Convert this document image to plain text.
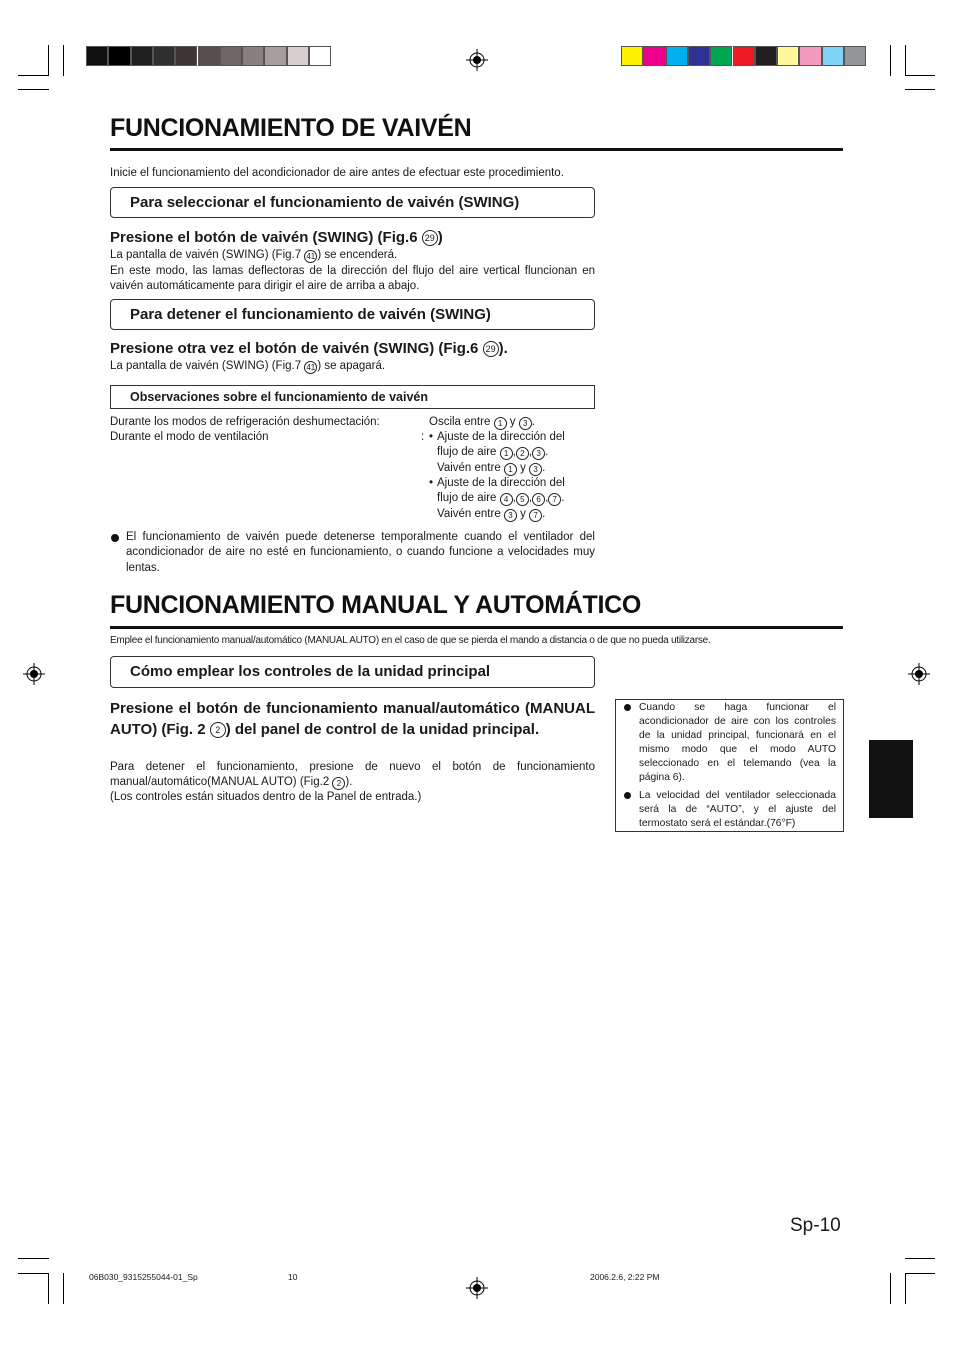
FUNCIONAMIENTO DE VAIVÉN
Inicie el funcionamiento del acondicionador de aire antes de efectuar este procedimiento.
Para seleccionar el funcionamiento de vaivén (SWING)
Presione el botón de vaivén (SWING) (Fig.6 29 )
La pantalla de vaivén (SWING) (Fig.7 41 ) se encenderá.
En este modo, las lamas deflectoras de la dirección del flujo del aire vertical fluncionan en vaivén automáticamente para dirigir el aire de arriba a abajo.
Para detener el funcionamiento de vaivén (SWING)
Presione otra vez el botón de vaivén (SWING) (Fig.6 29 ).
La pantalla de vaivén (SWING) (Fig.7 41 ) se apagará.
Observaciones sobre el funcionamiento de vaivén
Durante los modos de refrigeración deshumectación:	Oscila entre 1 y 3 .
Durante el modo de ventilación	: • Ajuste de la dirección del
flujo de aire 1 , 2 , 3 .
Vaivén entre 1 y 3 .
• Ajuste de la dirección del
flujo de aire 4 , 5 , 6 , 7 .
Vaivén entre 3 y 7 .
El funcionamiento de vaivén puede detenerse temporalmente cuando el ventilador del acondicionador de aire no esté en funcionamiento, o cuando funcione a velocidades muy lentas.
FUNCIONAMIENTO MANUAL Y AUTOMÁTICO
Emplee el funcionamiento manual/automático (MANUAL AUTO) en el caso de que se pierda el mando a distancia o de que no pueda utilizarse.
Cómo emplear los controles de la unidad principal
Presione el botón de funcionamiento manual/automático (MANUAL AUTO) (Fig. 2 2 ) del panel de control de la unidad principal.
Para detener el funcionamiento, presione de nuevo el botón de funcionamiento manual/automático(MANUAL AUTO) (Fig.2 2 ).
(Los controles están situados dentro de la Panel de entrada.)
Cuando se haga funcionar el acondicionador de aire con los controles de la unidad principal, funcionará en el mismo modo que el modo AUTO seleccionado en el telemando (vea la página 6).
La velocidad del ventilador seleccionada será la de “AUTO”, y el ajuste del termostato será el estándar.(76°F)
Sp-10
06B030_9315255044-01_Sp	10	2006.2.6, 2:22 PM
